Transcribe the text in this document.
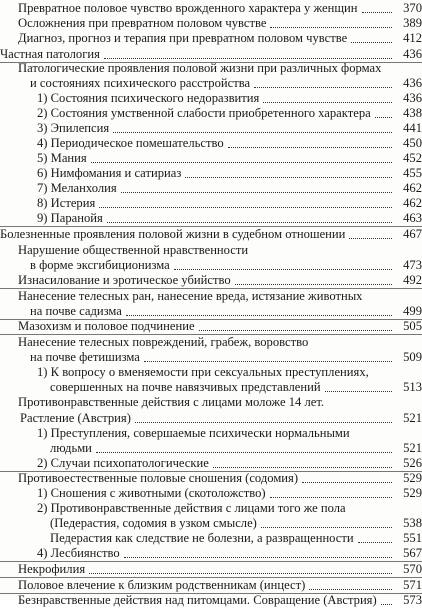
Превратное половое чувство врожденного характера у женщин	370
Осложнения при превратном половом чувстве	389
Диагноз, прогноз и терапия при превратном половом чувстве	412
Частная патология	436
Патологические проявления половой жизни при различных формах
и состояниях психического расстройства	436
1) Состояния психического недоразвития	436
2) Состояния умственной слабости приобретенного характера	438
3) Эпилепсия	441
4) Периодическое помешательство	450
5) Мания	452
6) Нимфомания и сатириаз	455
7) Меланхолия	462
8) Истерия	462
9) Паранойя	463
Болезненные проявления половой жизни в судебном отношении	467
Нарушение общественной нравственности
в форме эксгибиционизма	473
Изнасилование и эротическое убийство	492
Нанесение телесных ран, нанесение вреда, истязание животных
на почве садизма	499
Мазохизм и половое подчинение	505
Нанесение телесных повреждений, грабеж, воровство
на почве фетишизма	509
1) К вопросу о вменяемости при сексуальных преступлениях,
совершенных на почве навязчивых представлений	513
Противонравственные действия с лицами моложе 14 лет.
Растление (Австрия)	521
1) Преступления, совершаемые психически нормальными
людьми	521
2) Случаи психопатологические	526
Противоестественные половые сношения (содомия)	529
1) Сношения с животными (скотоложство)	529
2) Противонравственные действия с лицами того же пола
(Педерастия, содомия в узком смысле)	538
Педерастия как следствие не болезни, а развращенности	551
4) Лесбиянство	567
Некрофилия	570
Половое влечение к близким родственникам (инцест)	571
Безнравственные действия над питомцами. Совращение (Австрия)	573
